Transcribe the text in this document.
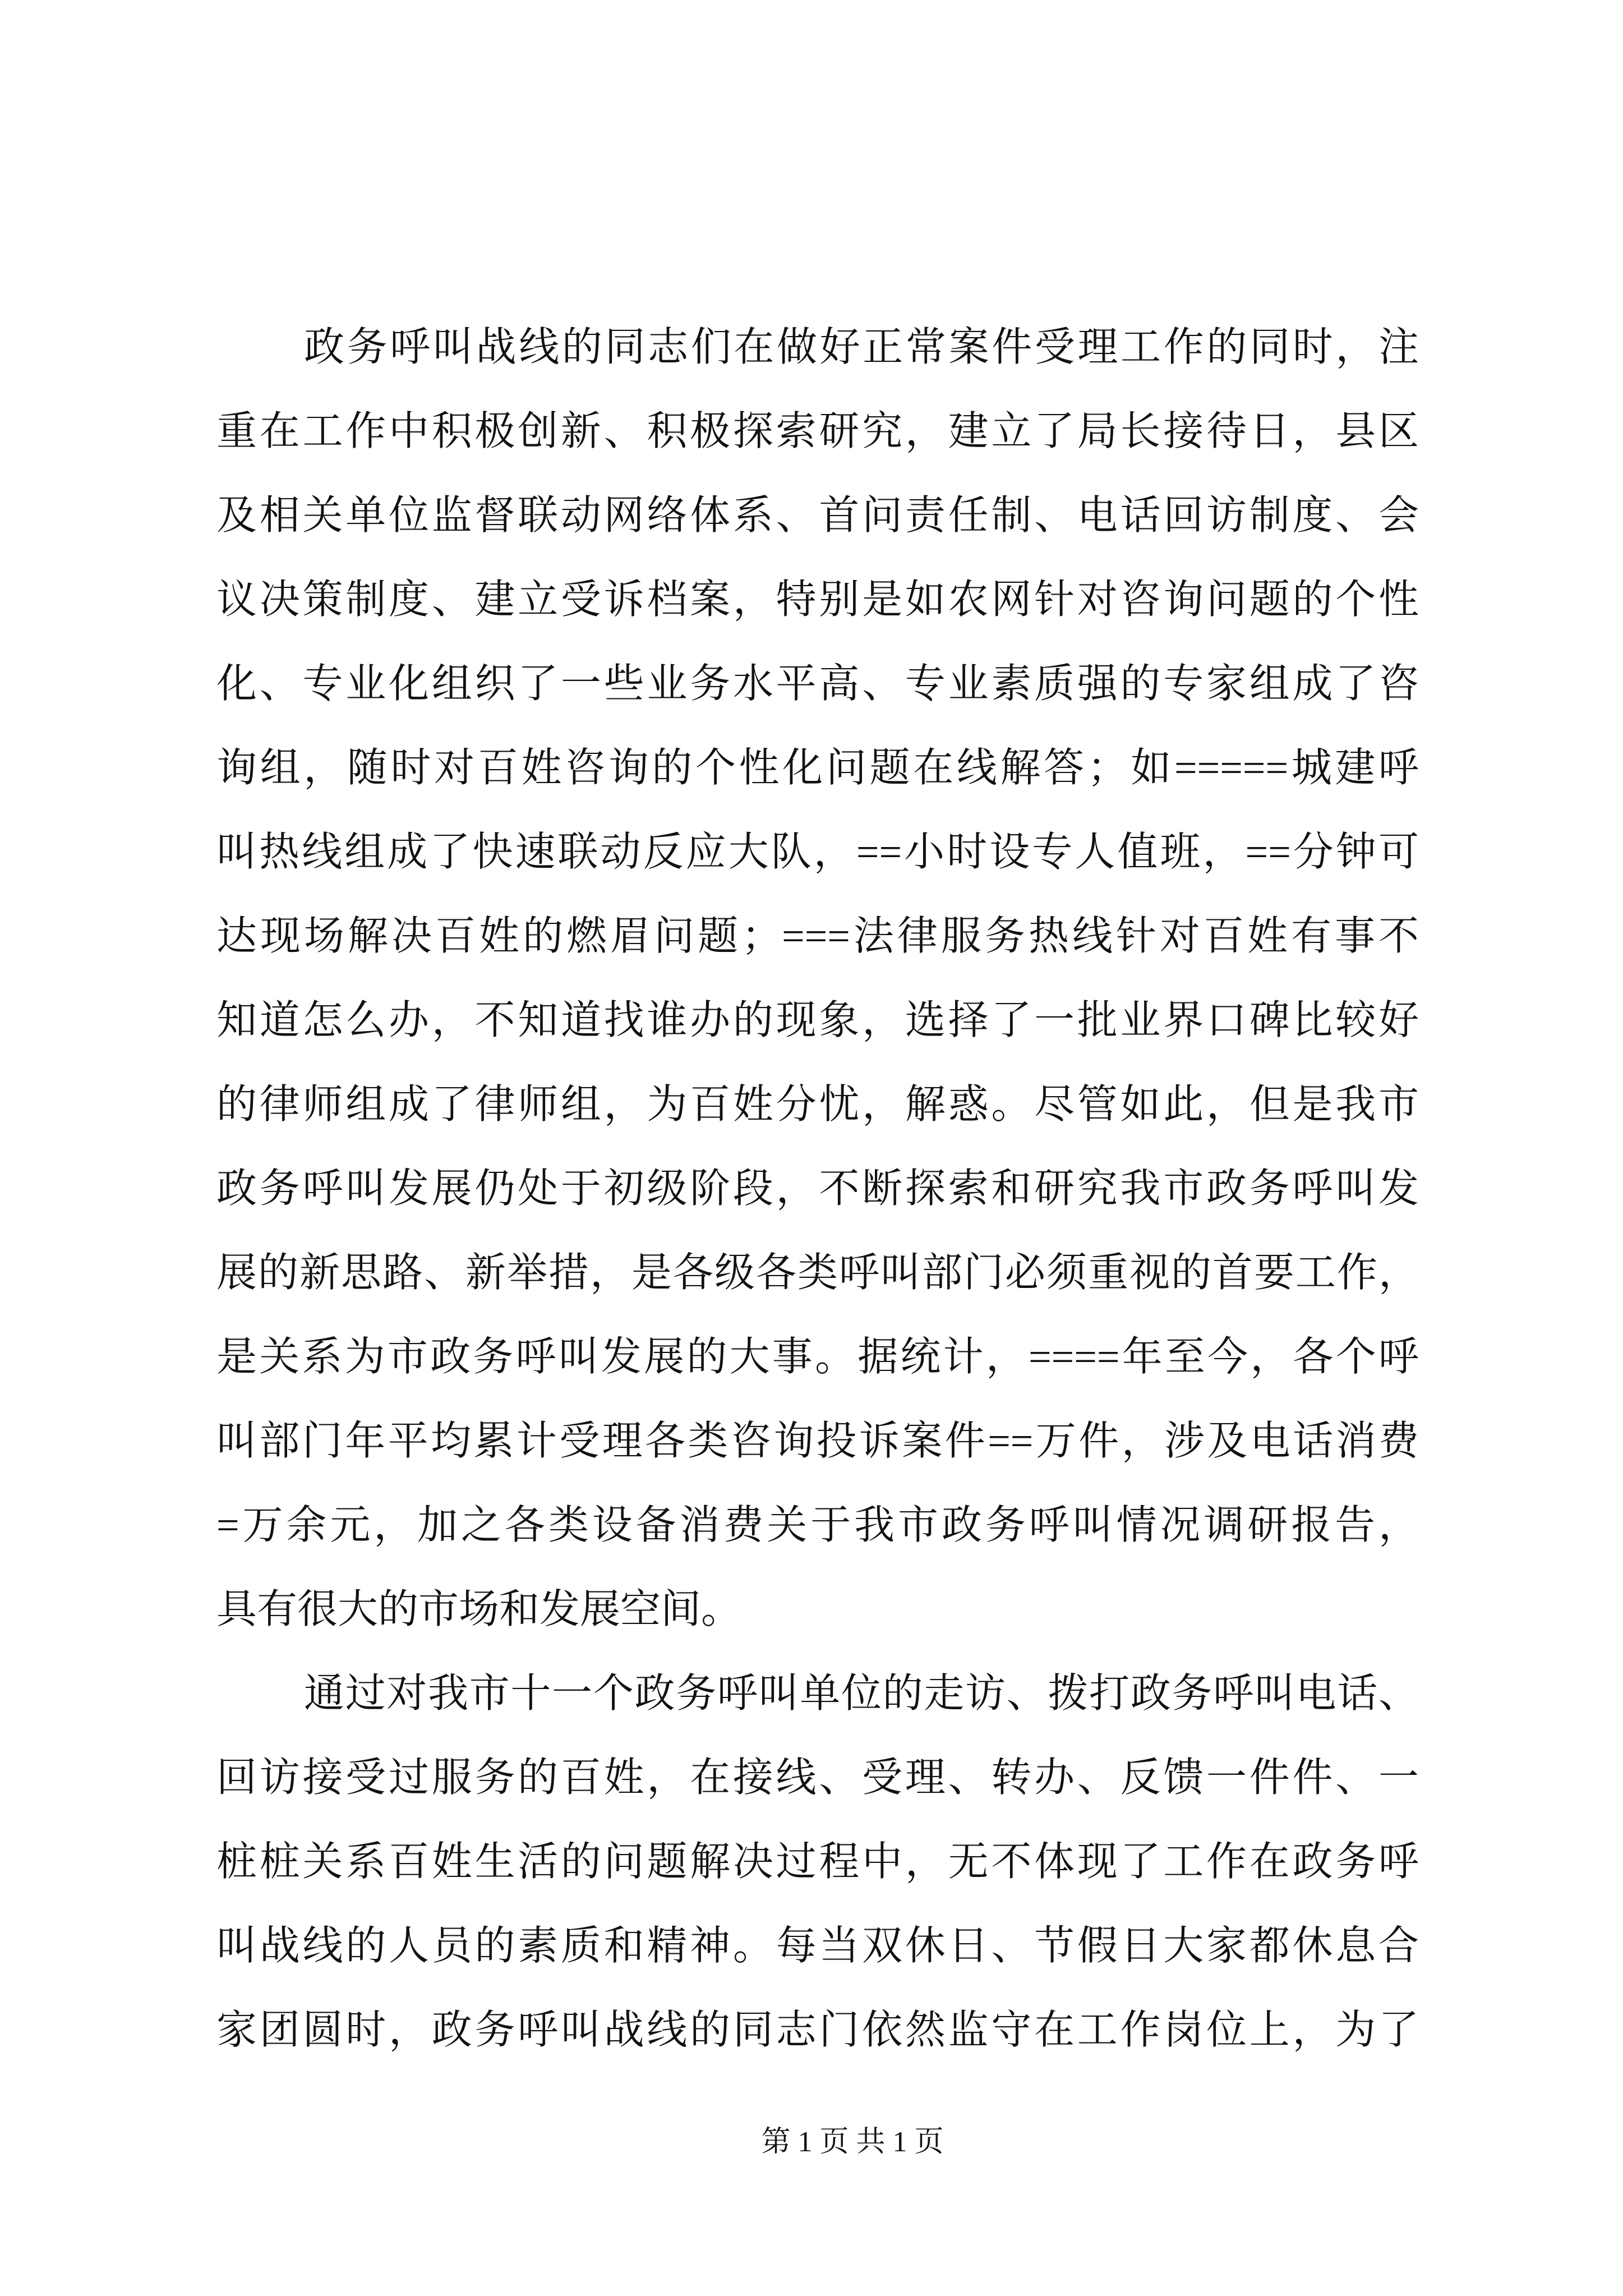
政务呼叫战线的同志们在做好正常案件受理工作的同时，注
重在工作中积极创新、积极探索研究，建立了局长接待日，县区
及相关单位监督联动网络体系、首问责任制、电话回访制度、会
议决策制度、建立受诉档案，特别是如农网针对咨询问题的个性
化、专业化组织了一些业务水平高、专业素质强的专家组成了咨
询组，随时对百姓咨询的个性化问题在线解答；如=====城建呼
叫热线组成了快速联动反应大队，==小时设专人值班，==分钟可
达现场解决百姓的燃眉问题；===法律服务热线针对百姓有事不
知道怎么办，不知道找谁办的现象，选择了一批业界口碑比较好
的律师组成了律师组，为百姓分忧，解惑。尽管如此，但是我市
政务呼叫发展仍处于初级阶段，不断探索和研究我市政务呼叫发
展的新思路、新举措，是各级各类呼叫部门必须重视的首要工作，
是关系为市政务呼叫发展的大事。据统计，====年至今，各个呼
叫部门年平均累计受理各类咨询投诉案件==万件，涉及电话消费
=万余元，加之各类设备消费关于我市政务呼叫情况调研报告，
具有很大的市场和发展空间。
通过对我市十一个政务呼叫单位的走访、拨打政务呼叫电话、
回访接受过服务的百姓，在接线、受理、转办、反馈一件件、一
桩桩关系百姓生活的问题解决过程中，无不体现了工作在政务呼
叫战线的人员的素质和精神。每当双休日、节假日大家都休息合
家团圆时，政务呼叫战线的同志门依然监守在工作岗位上，为了
第 1 页 共 1 页
